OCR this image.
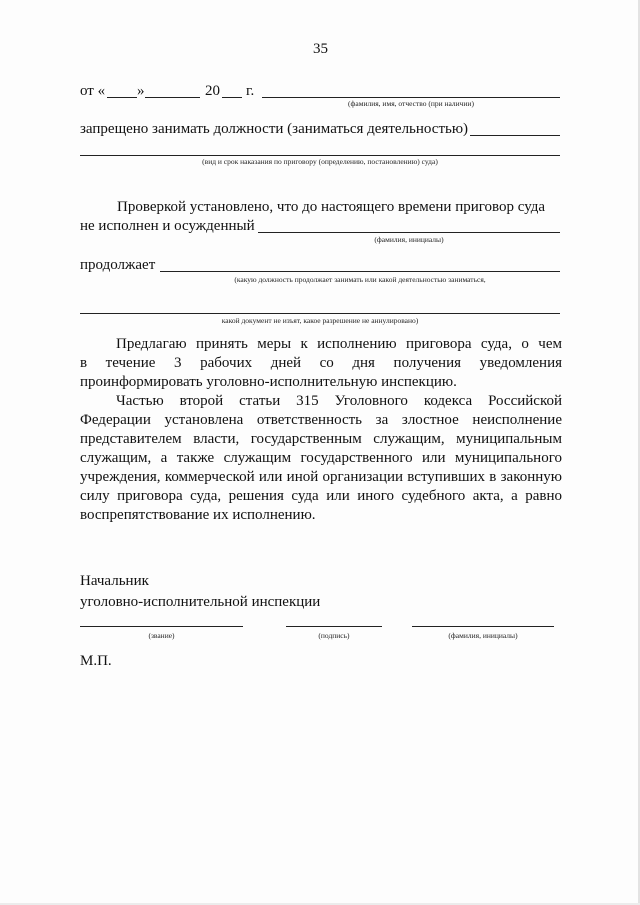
35
от « »	20 г.
(фамилия, имя, отчество (при наличии)
запрещено занимать должности (заниматься деятельностью)
(вид и срок наказания по приговору (определению, постановлению) суда)
Проверкой установлено, что до настоящего времени приговор суда
не исполнен и осужденный
(фамилия, инициалы)
продолжает
(какую должность продолжает занимать или какой деятельностью заниматься,
какой документ не изъят, какое разрешение не аннулировано)
Предлагаю принять меры к исполнению приговора суда, о чем
в течение 3 рабочих дней со дня получения уведомления
проинформировать уголовно-исполнительную инспекцию.
Частью второй статьи 315 Уголовного кодекса Российской
Федерации установлена ответственность за злостное неисполнение
представителем власти, государственным служащим, муниципальным
служащим, а также служащим государственного или муниципального
учреждения, коммерческой или иной организации вступивших в законную
силу приговора суда, решения суда или иного судебного акта, а равно
воспрепятствование их исполнению.
Начальник
уголовно-исполнительной инспекции
(звание)	(подпись)	(фамилия, инициалы)
М.П.
